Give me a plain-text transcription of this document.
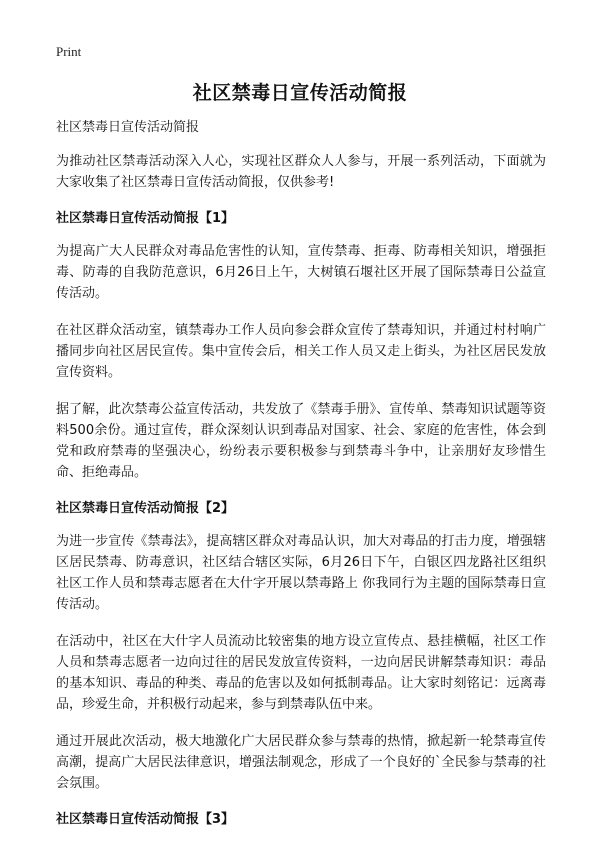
Print
社区禁毒日宣传活动简报

社区禁毒日宣传活动简报

为推动社区禁毒活动深入人心，实现社区群众人人参与，开展一系列活动，下面就为大家收集了社区禁毒日宣传活动简报，仅供参考!

社区禁毒日宣传活动简报【1】

为提高广大人民群众对毒品危害性的认知，宣传禁毒、拒毒、防毒相关知识，增强拒毒、防毒的自我防范意识，6月26日上午，大树镇石堰社区开展了国际禁毒日公益宣传活动。

在社区群众活动室，镇禁毒办工作人员向参会群众宣传了禁毒知识，并通过村村响广播同步向社区居民宣传。集中宣传会后，相关工作人员又走上街头，为社区居民发放宣传资料。

据了解，此次禁毒公益宣传活动，共发放了《禁毒手册》、宣传单、禁毒知识试题等资料500余份。通过宣传，群众深刻认识到毒品对国家、社会、家庭的危害性，体会到党和政府禁毒的坚强决心，纷纷表示要积极参与到禁毒斗争中，让亲朋好友珍惜生命、拒绝毒品。

社区禁毒日宣传活动简报【2】

为进一步宣传《禁毒法》，提高辖区群众对毒品认识，加大对毒品的打击力度，增强辖区居民禁毒、防毒意识，社区结合辖区实际，6月26日下午，白银区四龙路社区组织社区工作人员和禁毒志愿者在大什字开展以禁毒路上 你我同行为主题的国际禁毒日宣传活动。

在活动中，社区在大什字人员流动比较密集的地方设立宣传点、悬挂横幅，社区工作人员和禁毒志愿者一边向过往的居民发放宣传资料，一边向居民讲解禁毒知识：毒品的基本知识、毒品的种类、毒品的危害以及如何抵制毒品。让大家时刻铭记：远离毒品，珍爱生命，并积极行动起来，参与到禁毒队伍中来。

通过开展此次活动，极大地激化广大居民群众参与禁毒的热情，掀起新一轮禁毒宣传高潮，提高广大居民法律意识，增强法制观念，形成了一个良好的`全民参与禁毒的社会氛围。

社区禁毒日宣传活动简报【3】
